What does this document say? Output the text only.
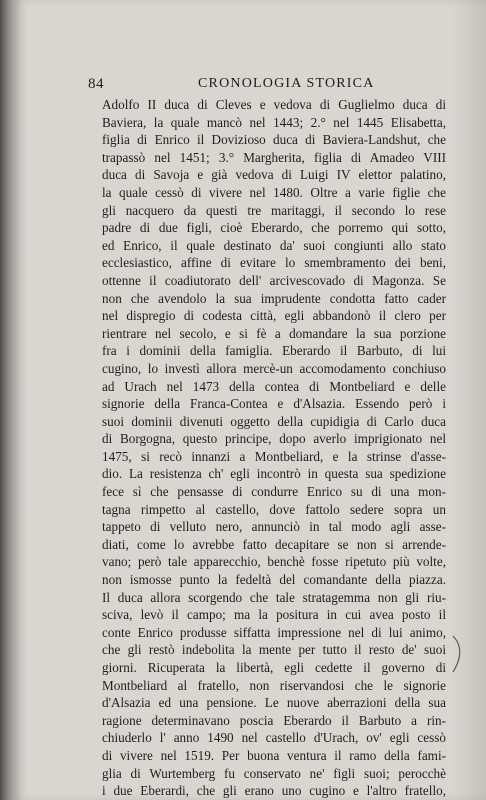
84	CRONOLOGIA STORICA
Adolfo II duca di Cleves e vedova di Guglielmo duca di
Baviera, la quale mancò nel 1443; 2.° nel 1445 Elisabetta,
figlia di Enrico il Dovizioso duca di Baviera-Landshut, che
trapassò nel 1451; 3.° Margherita, figlia di Amadeo VIII
duca di Savoja e già vedova di Luigi IV elettor palatino,
la quale cessò di vivere nel 1480. Oltre a varie figlie che
gli nacquero da questi tre maritaggi, il secondo lo rese
padre di due figli, cioè Eberardo, che porremo qui sotto,
ed Enrico, il quale destinato da' suoi congiunti allo stato
ecclesiastico, affine di evitare lo smembramento dei beni,
ottenne il coadiutorato dell' arcivescovado di Magonza. Se
non che avendolo la sua imprudente condotta fatto cader
nel dispregio di codesta città, egli abbandonò il clero per
rientrare nel secolo, e si fè a domandare la sua porzione
fra i dominii della famiglia. Eberardo il Barbuto, di lui
cugino, lo investì allora mercè-un accomodamento conchiuso
ad Urach nel 1473 della contea di Montbeliard e delle
signorie della Franca-Contea e d'Alsazia. Essendo però i
suoi dominii divenuti oggetto della cupidigia di Carlo duca
di Borgogna, questo principe, dopo averlo imprigionato nel
1475, si recò innanzi a Montbeliard, e la strinse d'asse-
dio. La resistenza ch' egli incontrò in questa sua spedizione
fece sì che pensasse di condurre Enrico su di una mon-
tagna rimpetto al castello, dove fattolo sedere sopra un
tappeto di velluto nero, annunciò in tal modo agli asse-
diati, come lo avrebbe fatto decapitare se non si arrende-
vano; però tale apparecchio, benchè fosse ripetuto più volte,
non ismosse punto la fedeltà del comandante della piazza.
Il duca allora scorgendo che tale stratagemma non gli riu-
sciva, levò il campo; ma la positura in cui avea posto il
conte Enrico produsse siffatta impressione nel di lui animo,
che gli restò indebolita la mente per tutto il resto de' suoi
giorni. Ricuperata la libertà, egli cedette il governo di
Montbeliard al fratello, non riservandosi che le signorie
d'Alsazia ed una pensione. Le nuove aberrazioni della sua
ragione determinavano poscia Eberardo il Barbuto a rin-
chiuderlo l' anno 1490 nel castello d'Urach, ov' egli cessò
di vivere nel 1519. Per buona ventura il ramo della fami-
glia di Wurtemberg fu conservato ne' figli suoi; perocchè
i due Eberardi, che gli erano uno cugino e l'altro fratello,
